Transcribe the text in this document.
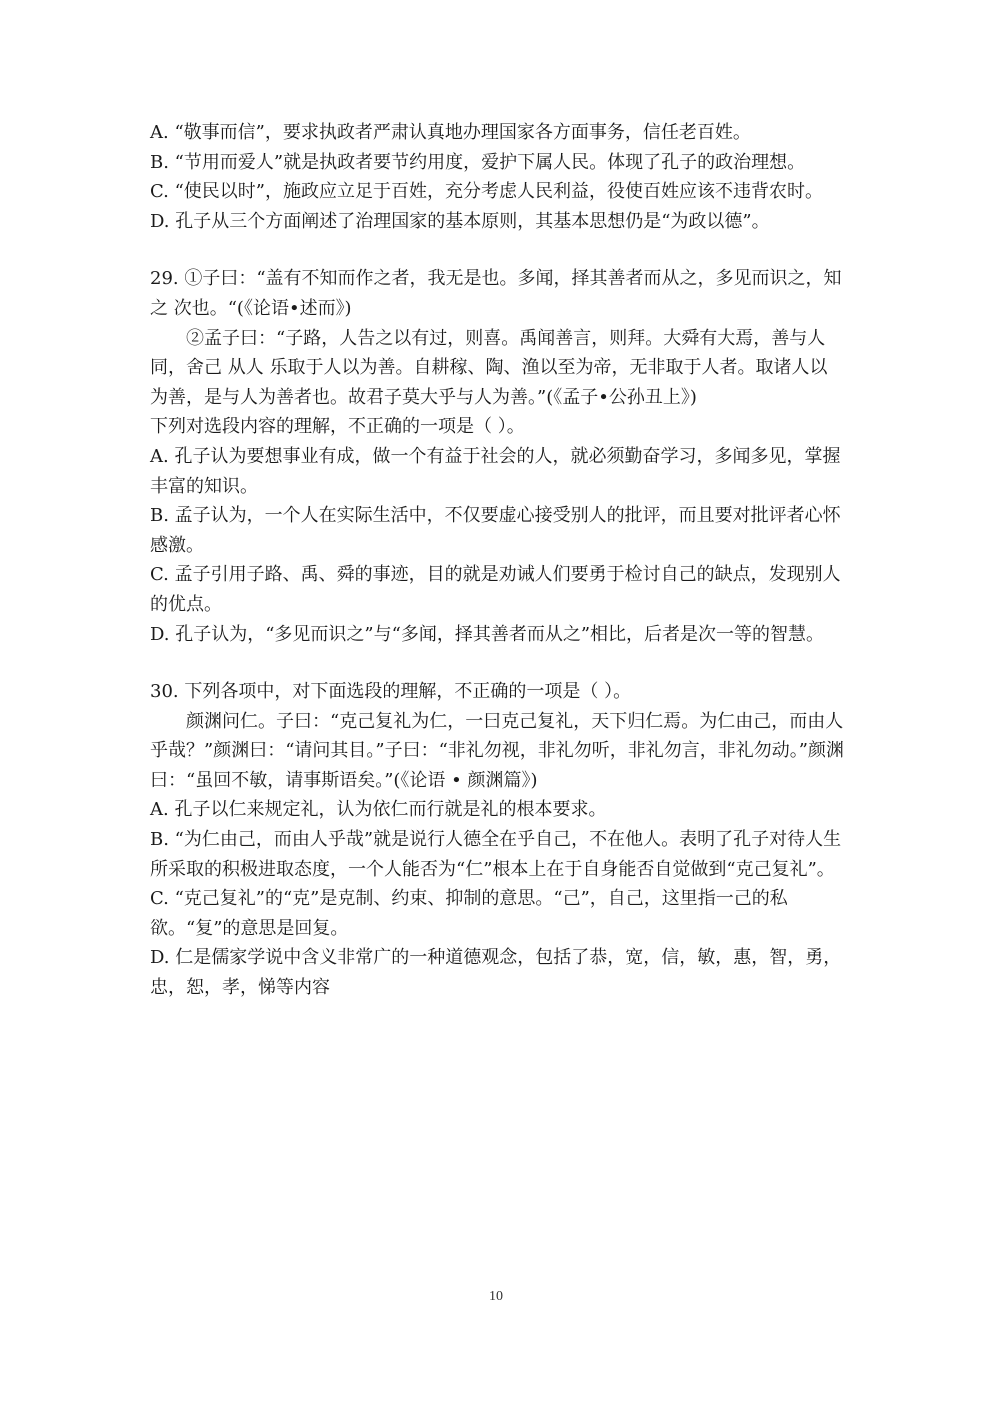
A. “敬事而信”，要求执政者严肃认真地办理国家各方面事务，信任老百姓。

B. “节用而爱人”就是执政者要节约用度，爱护下属人民。体现了孔子的政治理想。

C. “使民以时”，施政应立足于百姓，充分考虑人民利益，役使百姓应该不违背农时。

D. 孔子从三个方面阐述了治理国家的基本原则，其基本思想仍是“为政以德”。

29. ①子曰：“盖有不知而作之者，我无是也。多闻，择其善者而从之，多见而识之，知之 次也。“(《论语•述而》)

②孟子曰：“子路，人告之以有过，则喜。禹闻善言，则拜。大舜有大焉，善与人同，舍己 从人 乐取于人以为善。自耕稼、陶、渔以至为帝，无非取于人者。取诸人以为善，是与人为善者也。故君子莫大乎与人为善。”(《孟子•公孙丑上》)

下列对选段内容的理解，不正确的一项是（ ）。

A. 孔子认为要想事业有成，做一个有益于社会的人，就必须勤奋学习，多闻多见，掌握丰富的知识。

B. 孟子认为，一个人在实际生活中，不仅要虚心接受别人的批评，而且要对批评者心怀感激。

C. 孟子引用子路、禹、舜的事迹，目的就是劝诫人们要勇于检讨自己的缺点，发现别人的优点。

D. 孔子认为，“多见而识之”与“多闻，择其善者而从之”相比，后者是次一等的智慧。

30. 下列各项中，对下面选段的理解，不正确的一项是（ ）。

颜渊问仁。子曰：“克己复礼为仁，一曰克己复礼，天下归仁焉。为仁由己，而由人乎哉？”颜渊曰：“请问其目。”子曰：“非礼勿视，非礼勿听，非礼勿言，非礼勿动。”颜渊曰：“虽回不敏，请事斯语矣。”(《论语 • 颜渊篇》)

A. 孔子以仁来规定礼，认为依仁而行就是礼的根本要求。

B. “为仁由己，而由人乎哉”就是说行人德全在乎自己，不在他人。表明了孔子对待人生所采取的积极进取态度，一个人能否为“仁”根本上在于自身能否自觉做到“克己复礼”。

C. “克己复礼”的“克”是克制、约束、抑制的意思。“己”，自己，这里指一己的私欲。“复”的意思是回复。

D. 仁是儒家学说中含义非常广的一种道德观念，包括了恭，宽，信，敏，惠，智，勇，忠，恕，孝，悌等内容

10
